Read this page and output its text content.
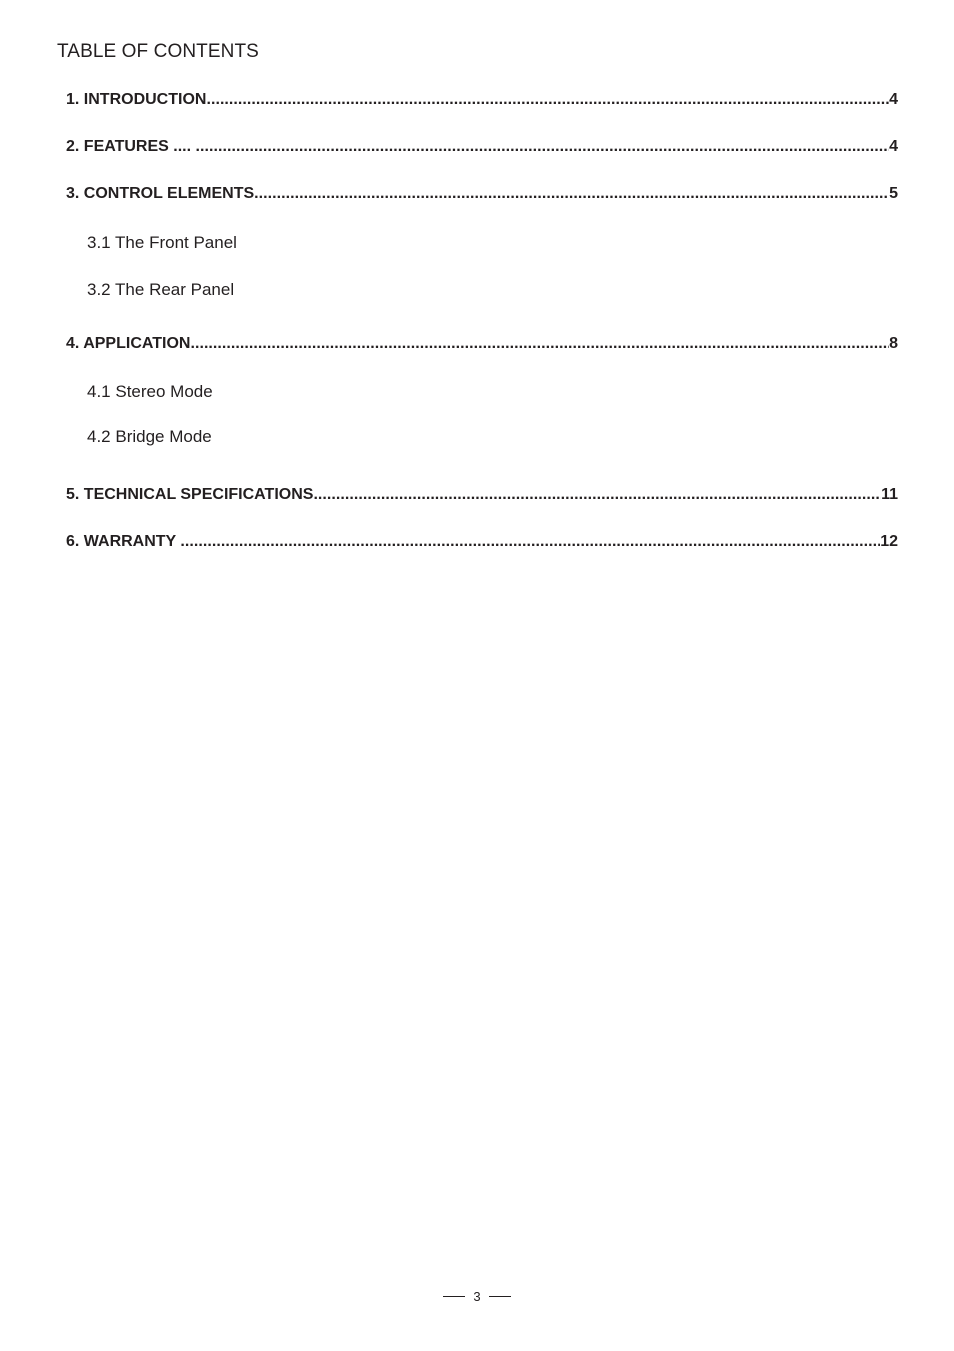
TABLE OF CONTENTS
1. INTRODUCTION .....	4
2. FEATURES .... .....	4
3. CONTROL ELEMENTS .....	5
3.1 The Front Panel
3.2 The Rear Panel
4. APPLICATION .....	8
4.1 Stereo Mode
4.2 Bridge Mode
5. TECHNICAL SPECIFICATIONS .....	11
6. WARRANTY .....	12
3
